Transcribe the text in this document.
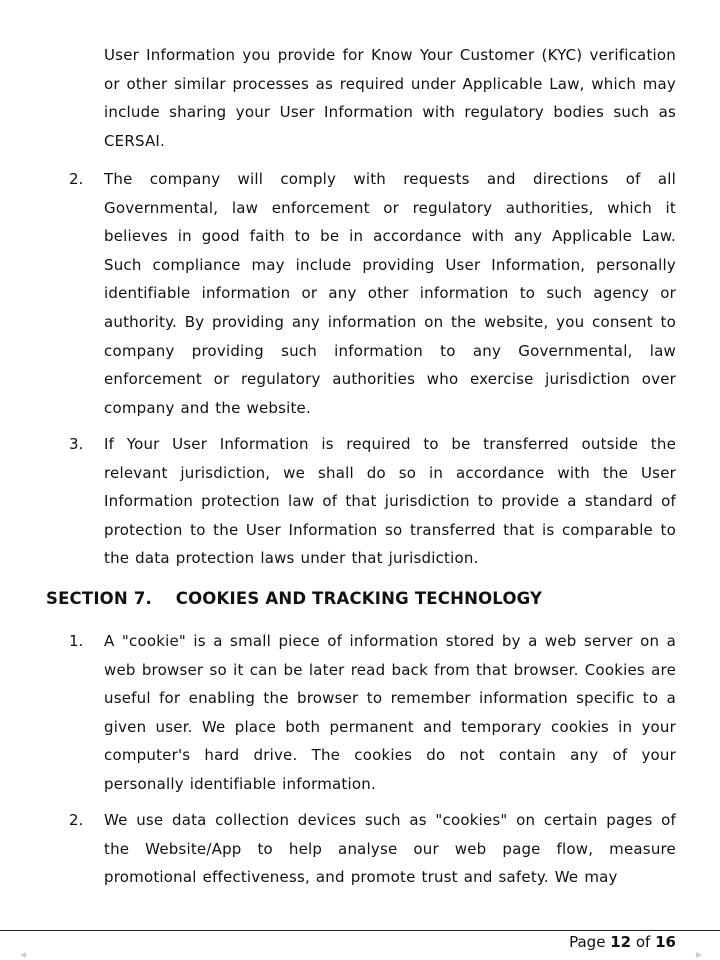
User Information you provide for Know Your Customer (KYC) verification or other similar processes as required under Applicable Law, which may include sharing your User Information with regulatory bodies such as CERSAI.
2. The company will comply with requests and directions of all Governmental, law enforcement or regulatory authorities, which it believes in good faith to be in accordance with any Applicable Law. Such compliance may include providing User Information, personally identifiable information or any other information to such agency or authority. By providing any information on the website, you consent to company providing such information to any Governmental, law enforcement or regulatory authorities who exercise jurisdiction over company and the website.
3. If Your User Information is required to be transferred outside the relevant jurisdiction, we shall do so in accordance with the User Information protection law of that jurisdiction to provide a standard of protection to the User Information so transferred that is comparable to the data protection laws under that jurisdiction.
SECTION 7.    COOKIES AND TRACKING TECHNOLOGY
1. A "cookie" is a small piece of information stored by a web server on a web browser so it can be later read back from that browser. Cookies are useful for enabling the browser to remember information specific to a given user. We place both permanent and temporary cookies in your computer's hard drive. The cookies do not contain any of your personally identifiable information.
2. We use data collection devices such as "cookies" on certain pages of the Website/App to help analyse our web page flow, measure promotional effectiveness, and promote trust and safety. We may
Page 12 of 16
◀	▶
